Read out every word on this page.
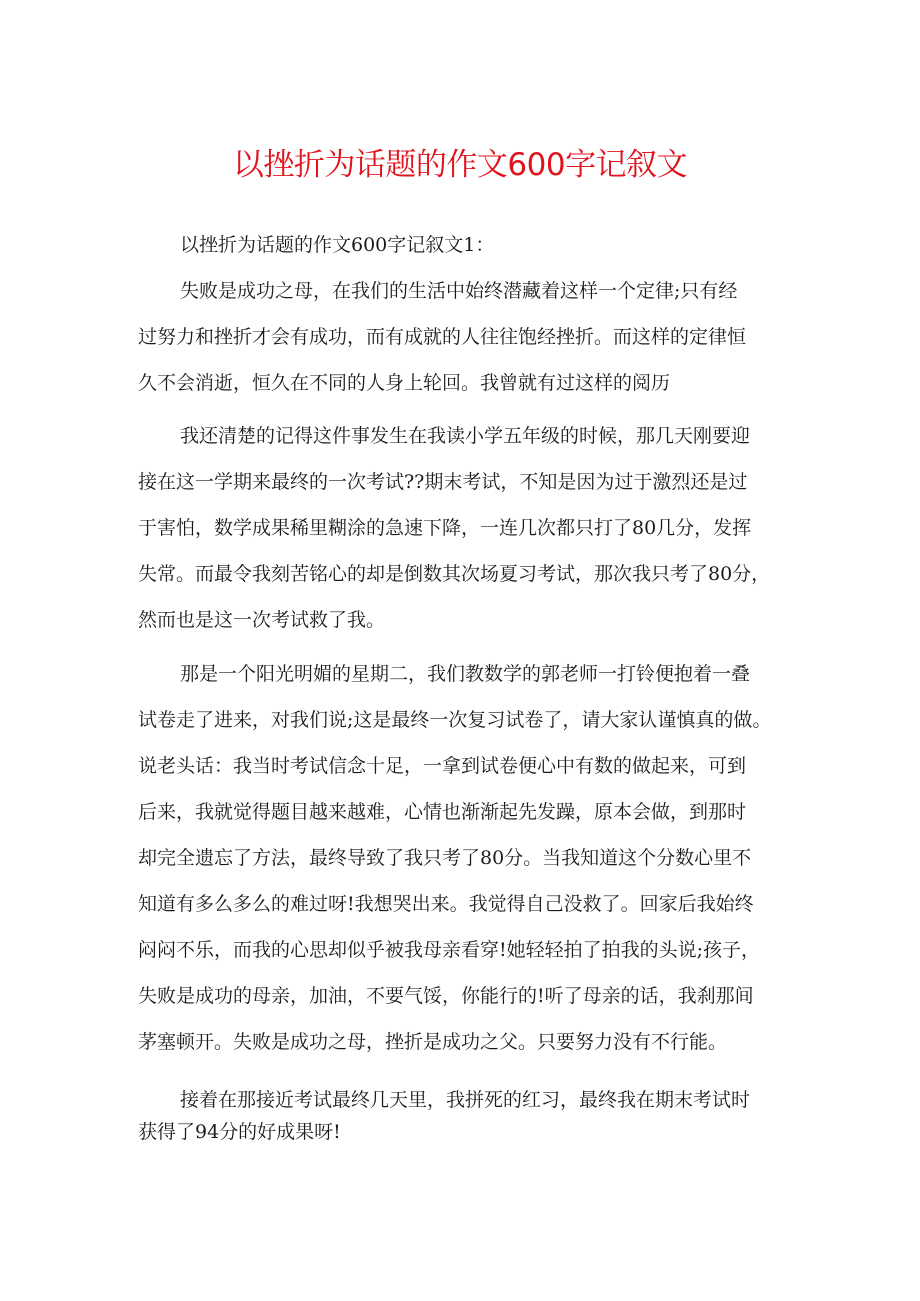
以挫折为话题的作文600字记叙文
以挫折为话题的作文600字记叙文1：
失败是成功之母，在我们的生活中始终潜藏着这样一个定律;只有经
过努力和挫折才会有成功，而有成就的人往往饱经挫折。而这样的定律恒
久不会消逝，恒久在不同的人身上轮回。我曾就有过这样的阅历
我还清楚的记得这件事发生在我读小学五年级的时候，那几天刚要迎
接在这一学期来最终的一次考试??期末考试，不知是因为过于激烈还是过
于害怕，数学成果稀里糊涂的急速下降，一连几次都只打了80几分，发挥
失常。而最令我刻苦铭心的却是倒数其次场夏习考试，那次我只考了80分，
然而也是这一次考试救了我。
那是一个阳光明媚的星期二，我们教数学的郭老师一打铃便抱着一叠
试卷走了进来，对我们说;这是最终一次复习试卷了，请大家认谨慎真的做。
说老头话：我当时考试信念十足，一拿到试卷便心中有数的做起来，可到
后来，我就觉得题目越来越难，心情也渐渐起先发躁，原本会做，到那时
却完全遗忘了方法，最终导致了我只考了80分。当我知道这个分数心里不
知道有多么多么的难过呀!我想哭出来。我觉得自己没救了。回家后我始终
闷闷不乐，而我的心思却似乎被我母亲看穿!她轻轻拍了拍我的头说;孩子，
失败是成功的母亲，加油，不要气馁，你能行的!听了母亲的话，我刹那间
茅塞顿开。失败是成功之母，挫折是成功之父。只要努力没有不行能。
接着在那接近考试最终几天里，我拼死的红习，最终我在期末考试时
获得了94分的好成果呀!
